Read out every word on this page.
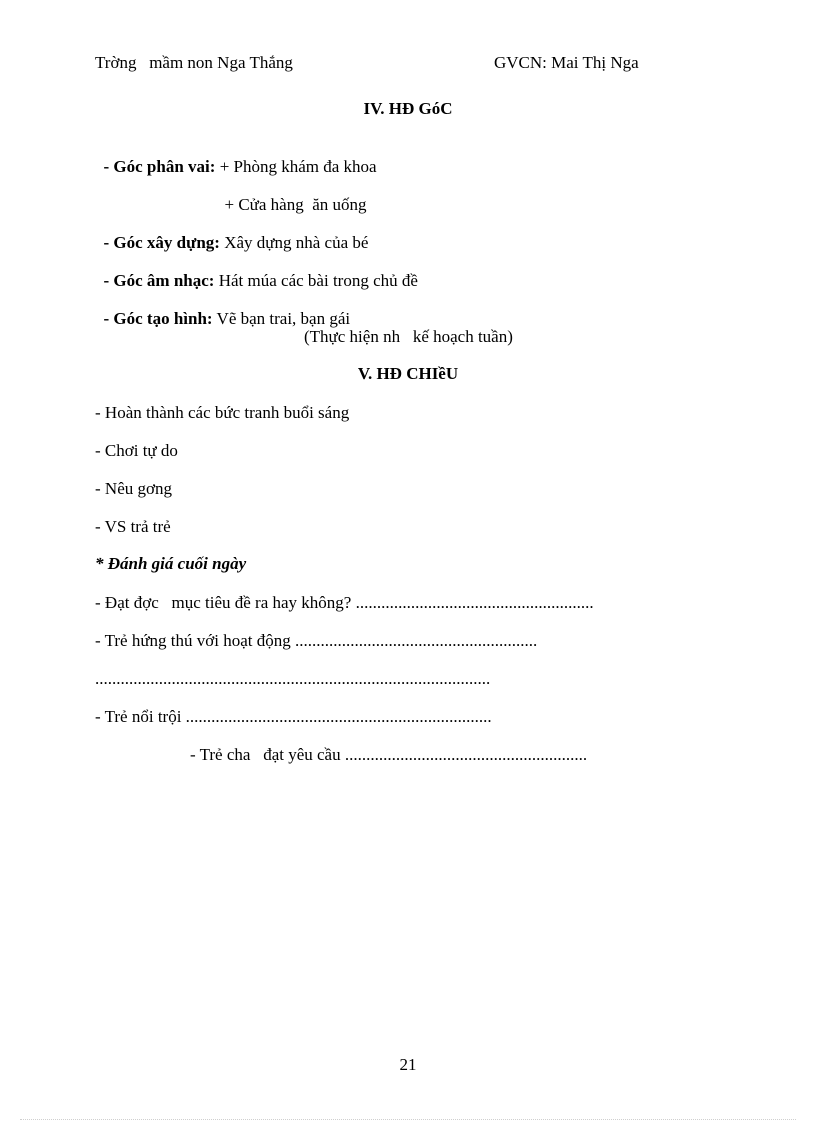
Trờng   mầm non Nga Thắng	GVCN: Mai Thị Nga
IV. HĐ GóC

- Góc phân vai: + Phòng khám đa khoa

+ Cửa hàng  ăn uống

- Góc xây dựng: Xây dựng nhà của bé

- Góc âm nhạc: Hát múa các bài trong chủ đề

- Góc tạo hình: Vẽ bạn trai, bạn gái

(Thực hiện nh   kế hoạch tuần)
V. HĐ CHIềU
- Hoàn thành các bức tranh buổi sáng
- Chơi tự do
- Nêu gơng
- VS trả trẻ
* Đánh giá cuối ngày
- Đạt đợc   mục tiêu đề ra hay không? ........................................................
- Trẻ hứng thú với hoạt động .........................................................
.............................................................................................
- Trẻ nổi trội ........................................................................
- Trẻ cha   đạt yêu cầu .........................................................
21
